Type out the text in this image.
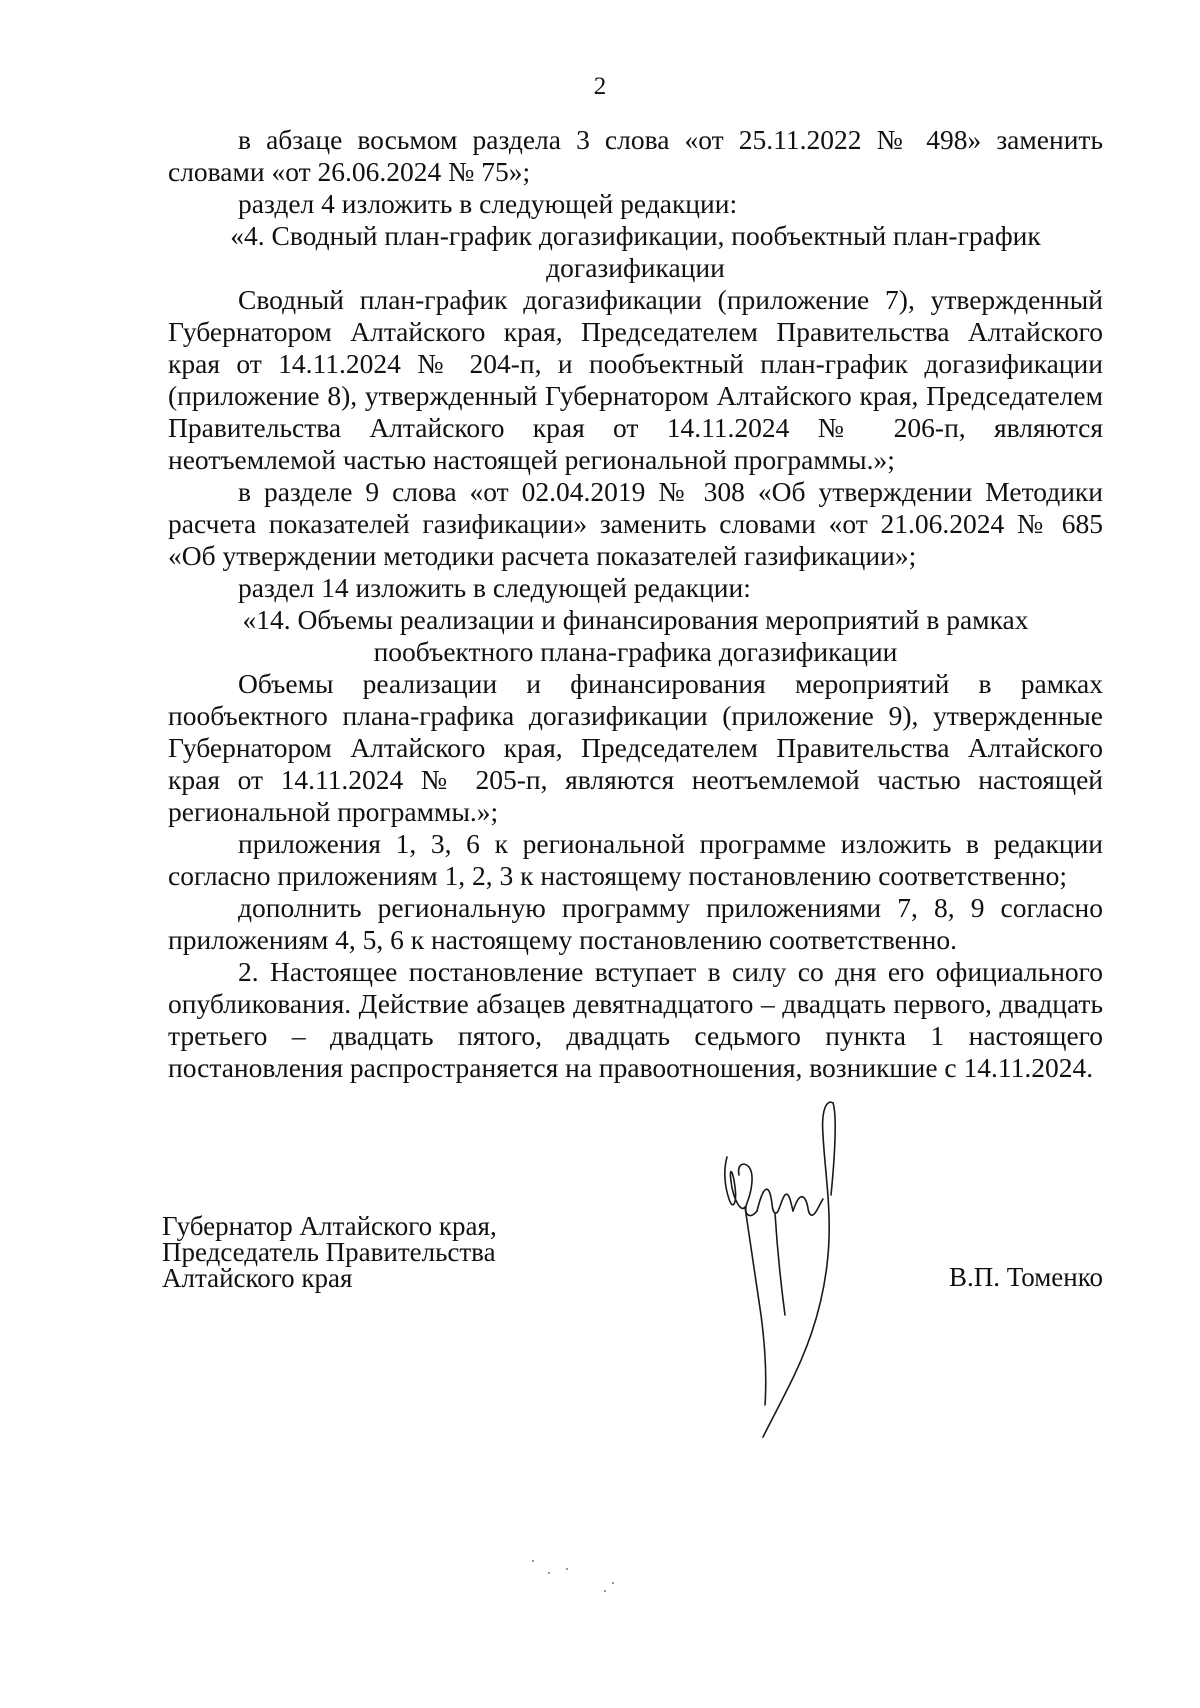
2

в абзаце восьмом раздела 3 слова «от 25.11.2022 № 498» заменить словами «от 26.06.2024 № 75»;

раздел 4 изложить в следующей редакции:

«4. Сводный план-график догазификации, пообъектный план-график догазификации

Сводный план-график догазификации (приложение 7), утвержденный Губернатором Алтайского края, Председателем Правительства Алтайского края от 14.11.2024 № 204-п, и пообъектный план-график догазификации (приложение 8), утвержденный Губернатором Алтайского края, Председателем Правительства Алтайского края от 14.11.2024 № 206-п, являются неотъемлемой частью настоящей региональной программы.»;

в разделе 9 слова «от 02.04.2019 № 308 «Об утверждении Методики расчета показателей газификации» заменить словами «от 21.06.2024 № 685 «Об утверждении методики расчета показателей газификации»;

раздел 14 изложить в следующей редакции:

«14. Объемы реализации и финансирования мероприятий в рамках пообъектного плана-графика догазификации

Объемы реализации и финансирования мероприятий в рамках пообъектного плана-графика догазификации (приложение 9), утвержденные Губернатором Алтайского края, Председателем Правительства Алтайского края от 14.11.2024 № 205-п, являются неотъемлемой частью настоящей региональной программы.»;

приложения 1, 3, 6 к региональной программе изложить в редакции согласно приложениям 1, 2, 3 к настоящему постановлению соответственно;

дополнить региональную программу приложениями 7, 8, 9 согласно приложениям 4, 5, 6 к настоящему постановлению соответственно.

2. Настоящее постановление вступает в силу со дня его официального опубликования. Действие абзацев девятнадцатого – двадцать первого, двадцать третьего – двадцать пятого, двадцать седьмого пункта 1 настоящего постановления распространяется на правоотношения, возникшие с 14.11.2024.

Губернатор Алтайского края,
Председатель Правительства
Алтайского края	В.П. Томенко
